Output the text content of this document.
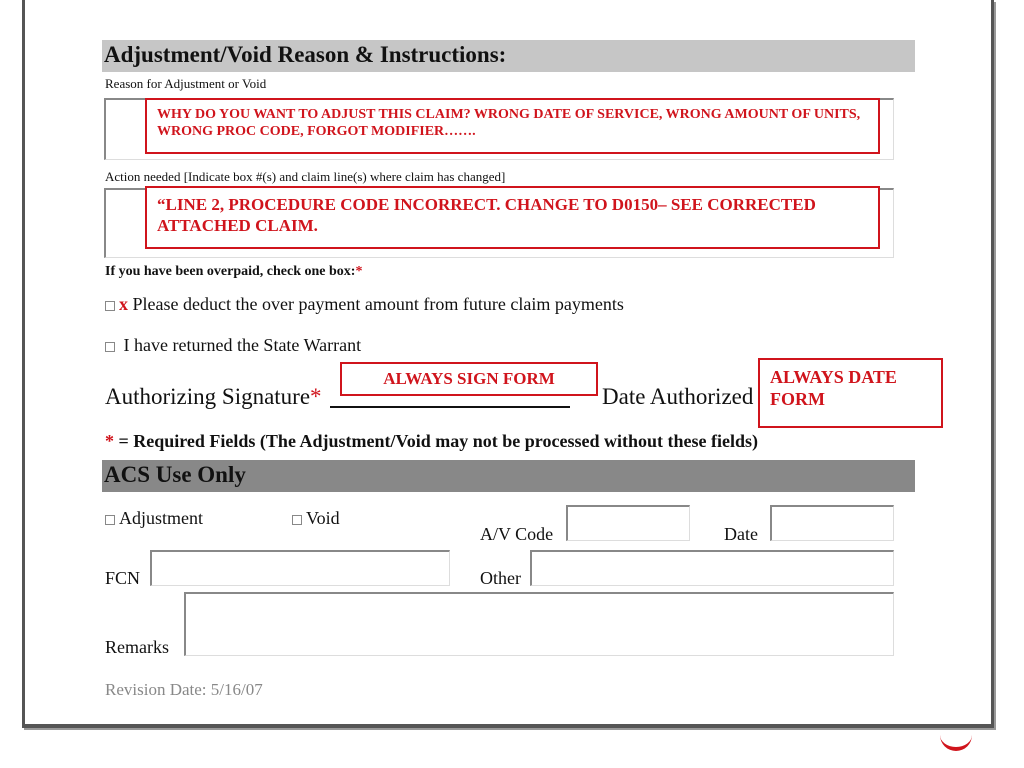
Adjustment/Void Reason & Instructions:
Reason for Adjustment or Void
WHY DO YOU WANT TO ADJUST THIS CLAIM? WRONG DATE OF SERVICE, WRONG AMOUNT OF UNITS, WRONG PROC CODE, FORGOT MODIFIER…….
Action needed [Indicate box #(s) and claim line(s) where claim has changed]
“LINE 2, PROCEDURE CODE INCORRECT. CHANGE TO D0150– SEE CORRECTED ATTACHED CLAIM.
If you have been overpaid, check one box:*
x Please deduct the over payment amount from future claim payments
I have returned the State Warrant
Authorizing Signature*
ALWAYS SIGN FORM
Date Authorized
ALWAYS DATE FORM
* = Required Fields (The Adjustment/Void may not be processed without these fields)
ACS Use Only
Adjustment	Void
A/V Code	Date
FCN	Other
Remarks
Revision Date: 5/16/07
